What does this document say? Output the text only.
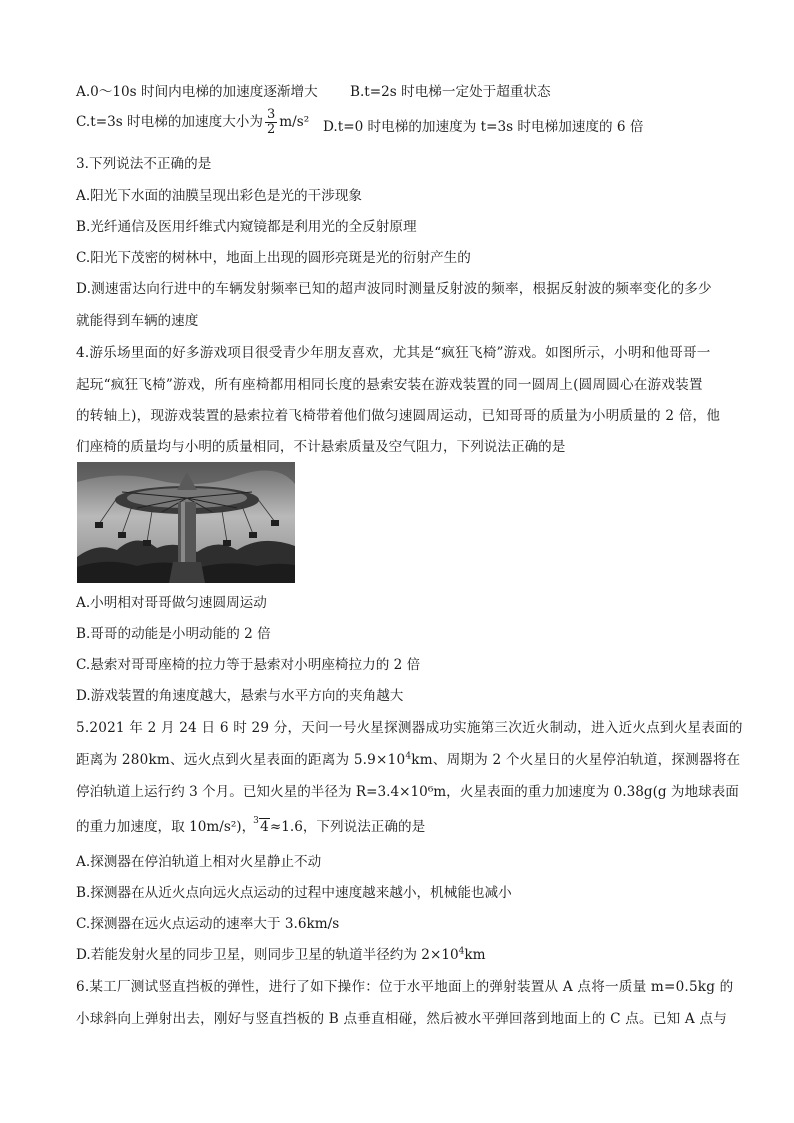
A.0～10s 时间内电梯的加速度逐渐增大 B.t=2s 时电梯一定处于超重状态
C.t=3s 时电梯的加速度大小为 $\frac{3}{2} m/s^2$ D.t=0 时电梯的加速度为 t=3s 时电梯加速度的 6 倍
3.下列说法不正确的是
A.阳光下水面的油膜呈现出彩色是光的干涉现象
B.光纤通信及医用纤维式内窥镜都是利用光的全反射原理
C.阳光下茂密的树林中，地面上出现的圆形亮斑是光的衍射产生的
D.测速雷达向行进中的车辆发射频率已知的超声波同时测量反射波的频率，根据反射波的频率变化的多少
就能得到车辆的速度
4.游乐场里面的好多游戏项目很受青少年朋友喜欢，尤其是“疯狂飞椅”游戏。如图所示，小明和他哥哥一
起玩“疯狂飞椅”游戏，所有座椅都用相同长度的悬索安装在游戏装置的同一圆周上(圆周圆心在游戏装置
的转轴上)，现游戏装置的悬索拉着飞椅带着他们做匀速圆周运动，已知哥哥的质量为小明质量的 2 倍，他
们座椅的质量均与小明的质量相同，不计悬索质量及空气阻力，下列说法正确的是
A.小明相对哥哥做匀速圆周运动
B.哥哥的动能是小明动能的 2 倍
C.悬索对哥哥座椅的拉力等于悬索对小明座椅拉力的 2 倍
D.游戏装置的角速度越大，悬索与水平方向的夹角越大
5.2021 年 2 月 24 日 6 时 29 分，天问一号火星探测器成功实施第三次近火制动，进入近火点到火星表面的
距离为 280km、远火点到火星表面的距离为 $5.9\times 10^4km$、周期为 2 个火星日的火星停泊轨道，探测器将在
停泊轨道上运行约 3 个月。已知火星的半径为 R=3.4×10⁶m，火星表面的重力加速度为 0.38g(g 为地球表面
的重力加速度，取 10m/s²)，
3 4≈1.6，下列说法正确的是
A.探测器在停泊轨道上相对火星静止不动
B.探测器在从近火点向远火点运动的过程中速度越来越小，机械能也减小
C.探测器在远火点运动的速率大于 3.6km/s
D.若能发射火星的同步卫星，则同步卫星的轨道半径约为 $2\times 10^4km$
6.某工厂测试竖直挡板的弹性，进行了如下操作：位于水平地面上的弹射装置从 A 点将一质量 m=0.5kg 的
小球斜向上弹射出去，刚好与竖直挡板的 B 点垂直相碰，然后被水平弹回落到地面上的 C 点。已知 A 点与
